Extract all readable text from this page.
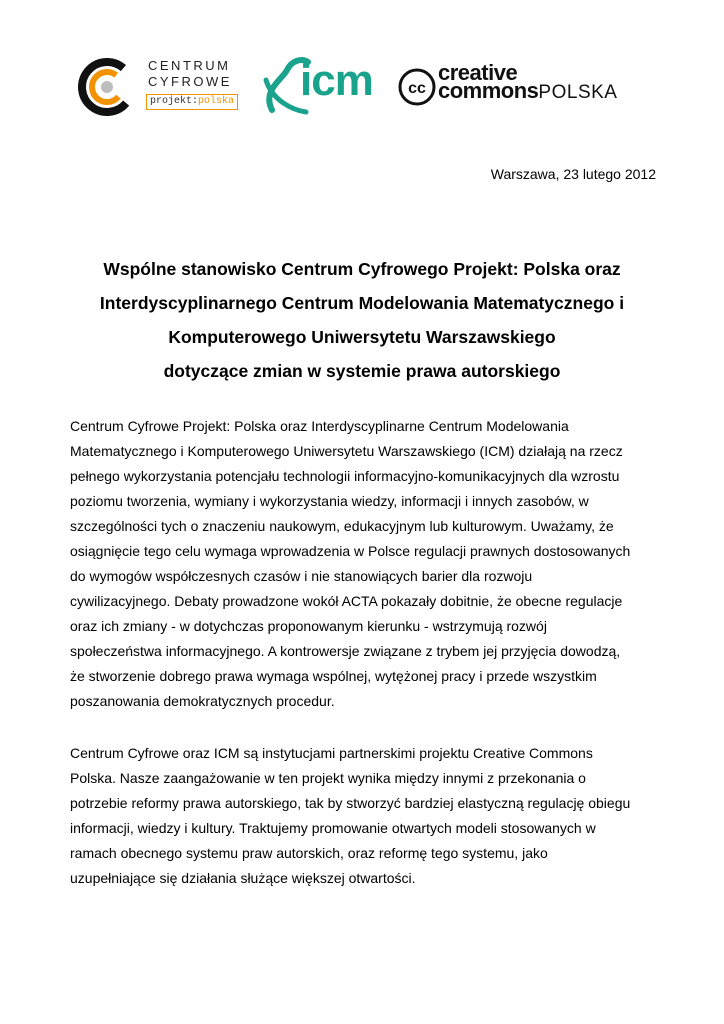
CENTRUM
CYFROWE
projekt:polska icm cc
creative
commonsPOLSKA
Warszawa, 23 lutego 2012
Wspólne stanowisko Centrum Cyfrowego Projekt: Polska oraz
Interdyscyplinarnego Centrum Modelowania Matematycznego i
Komputerowego Uniwersytetu Warszawskiego
dotyczące zmian w systemie prawa autorskiego
Centrum Cyfrowe Projekt: Polska oraz Interdyscyplinarne Centrum Modelowania
Matematycznego i Komputerowego Uniwersytetu Warszawskiego (ICM) działają na rzecz
pełnego wykorzystania potencjału technologii informacyjno-komunikacyjnych dla wzrostu
poziomu tworzenia, wymiany i wykorzystania wiedzy, informacji i innych zasobów, w
szczególności tych o znaczeniu naukowym, edukacyjnym lub kulturowym. Uważamy, że
osiągnięcie tego celu wymaga wprowadzenia w Polsce regulacji prawnych dostosowanych
do wymogów współczesnych czasów i nie stanowiących barier dla rozwoju
cywilizacyjnego. Debaty prowadzone wokół ACTA pokazały dobitnie, że obecne regulacje
oraz ich zmiany - w dotychczas proponowanym kierunku - wstrzymują rozwój
społeczeństwa informacyjnego. A kontrowersje związane z trybem jej przyjęcia dowodzą,
że stworzenie dobrego prawa wymaga wspólnej, wytężonej pracy i przede wszystkim
poszanowania demokratycznych procedur.
Centrum Cyfrowe oraz ICM są instytucjami partnerskimi projektu Creative Commons
Polska. Nasze zaangażowanie w ten projekt wynika między innymi z przekonania o
potrzebie reformy prawa autorskiego, tak by stworzyć bardziej elastyczną regulację obiegu
informacji, wiedzy i kultury. Traktujemy promowanie otwartych modeli stosowanych w
ramach obecnego systemu praw autorskich, oraz reformę tego systemu, jako
uzupełniające się działania służące większej otwartości.
